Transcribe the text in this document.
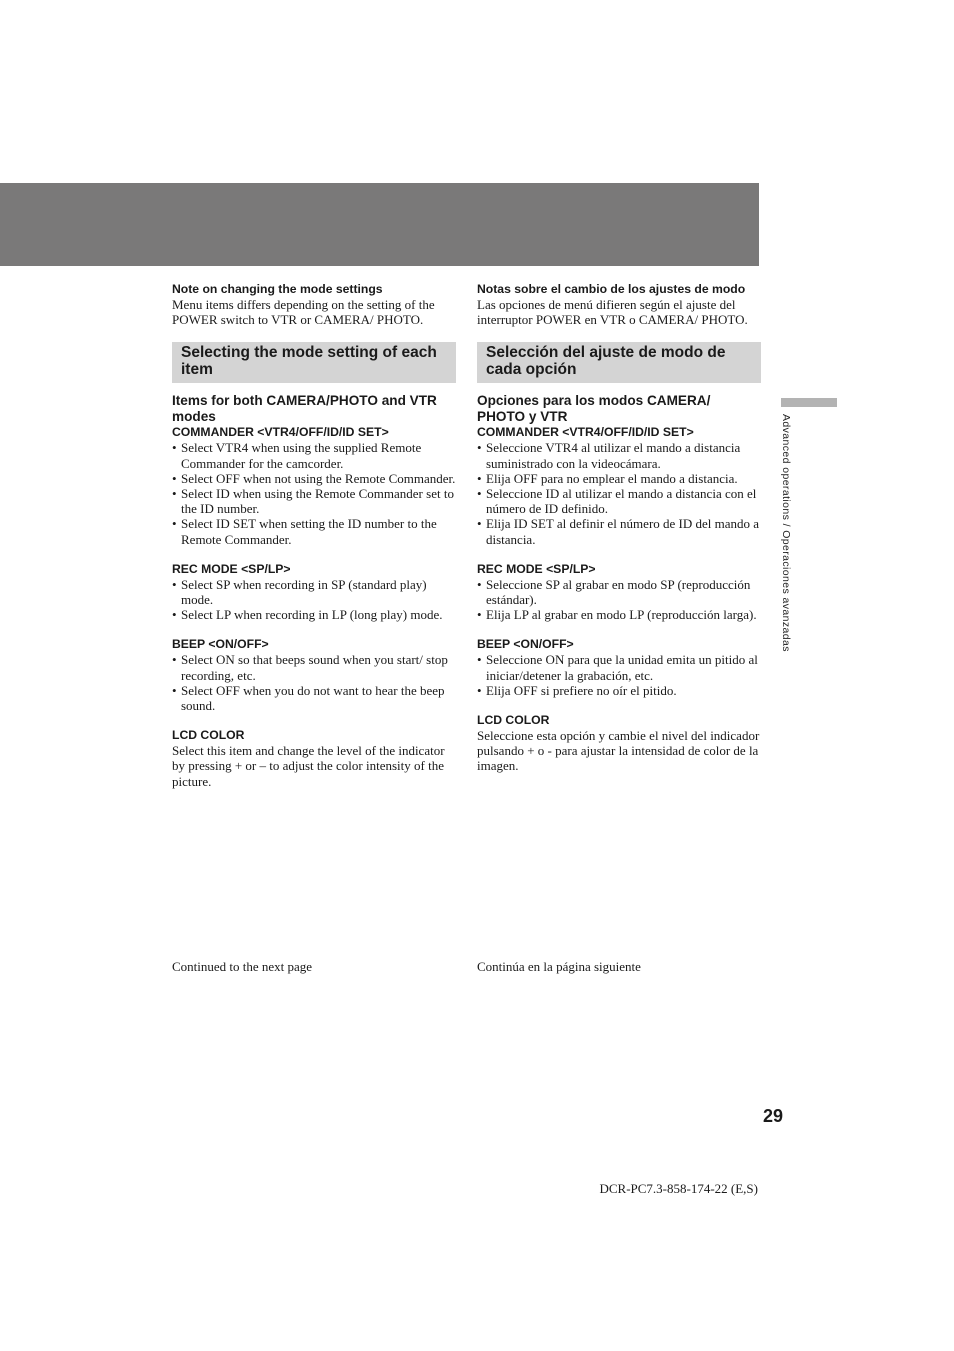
Advanced operations / Operaciones avanzadas
Note on changing the mode settings

Menu items differs depending on the setting of the POWER switch to VTR or CAMERA/ PHOTO.

Selecting the mode setting of each item
Items for both CAMERA/PHOTO and VTR modes
COMMANDER <VTR4/OFF/ID/ID SET>
• Select VTR4 when using the supplied Remote Commander for the camcorder.
• Select OFF when not using the Remote Commander.
• Select ID when using the Remote Commander set to the ID number.
• Select ID SET when setting the ID number to the Remote Commander.
REC MODE <SP/LP>
• Select SP when recording in SP (standard play) mode.
• Select LP when recording in LP (long play) mode.
BEEP <ON/OFF>
• Select ON so that beeps sound when you start/ stop recording, etc.
• Select OFF when you do not want to hear the beep sound.
LCD COLOR

Select this item and change the level of the indicator by pressing + or – to adjust the color intensity of the picture.

Notas sobre el cambio de los ajustes de modo

Las opciones de menú difieren según el ajuste del interruptor POWER en VTR o CAMERA/ PHOTO.

Selección del ajuste de modo de cada opción
Opciones para los modos CAMERA/ PHOTO y VTR
COMMANDER <VTR4/OFF/ID/ID SET>
• Seleccione VTR4 al utilizar el mando a distancia suministrado con la videocámara.
• Elija OFF para no emplear el mando a distancia.
• Seleccione ID al utilizar el mando a distancia con el número de ID definido.
• Elija ID SET al definir el número de ID del mando a distancia.
REC MODE <SP/LP>
• Seleccione SP al grabar en modo SP (reproducción estándar).
• Elija LP al grabar en modo LP (reproducción larga).
BEEP <ON/OFF>
• Seleccione ON para que la unidad emita un pitido al iniciar/detener la grabación, etc.
• Elija OFF si prefiere no oír el pitido.
LCD COLOR

Seleccione esta opción y cambie el nivel del indicador pulsando + o - para ajustar la intensidad de color de la imagen.

Continued to the next page	Continúa en la página siguiente
29
DCR-PC7.3-858-174-22 (E,S)
